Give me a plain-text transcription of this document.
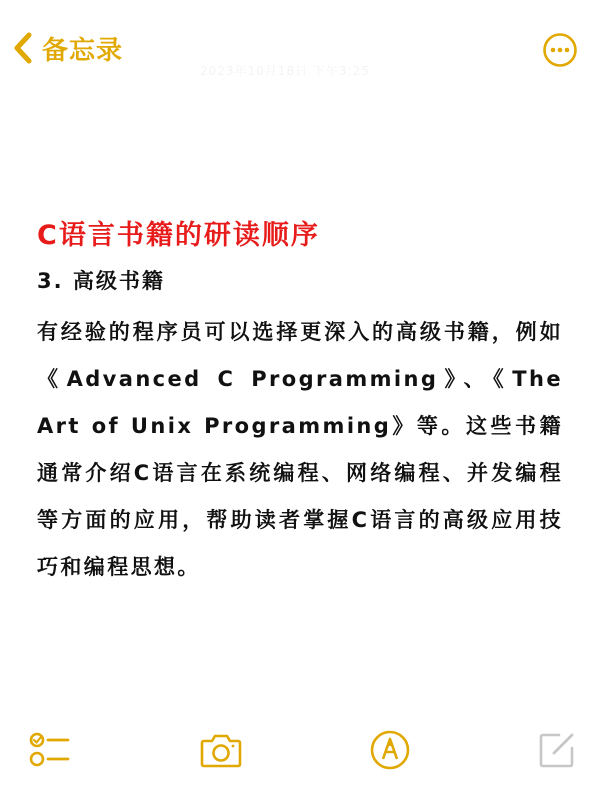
备忘录
2023年10月18日 下午3:25
C语言书籍的研读顺序
3. 高级书籍
有经验的程序员可以选择更深入的高级书籍，例如《Advanced C Programming》、《The Art of Unix Programming》等。这些书籍通常介绍C语言在系统编程、网络编程、并发编程等方面的应用，帮助读者掌握C语言的高级应用技巧和编程思想。
